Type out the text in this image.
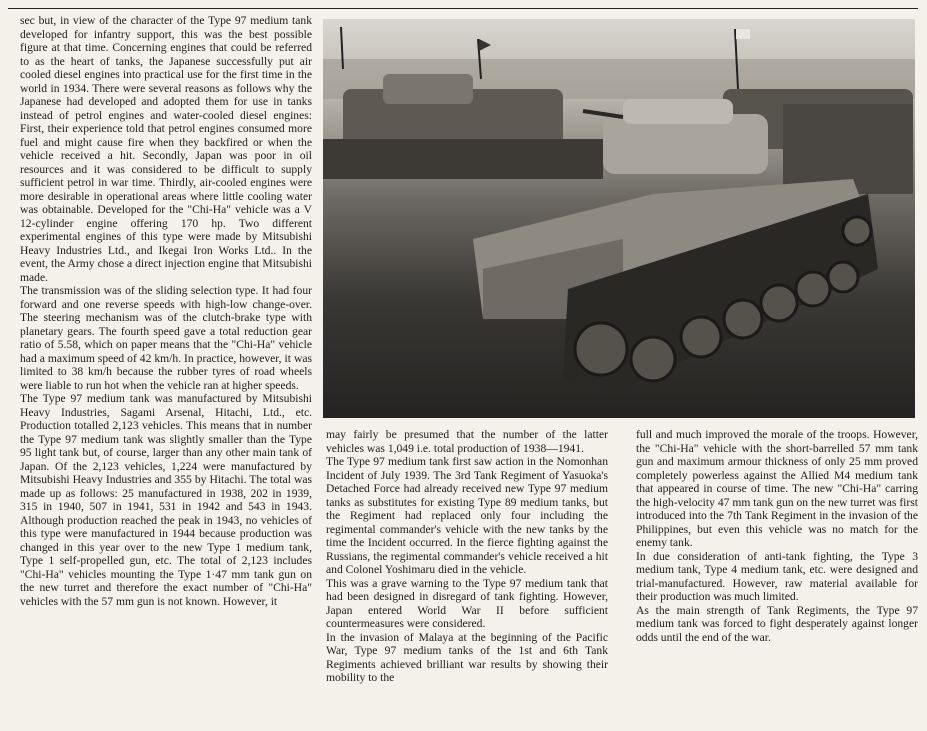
sec but, in view of the character of the Type 97 medium tank developed for infantry support, this was the best possible figure at that time. Concerning engines that could be referred to as the heart of tanks, the Japanese successfully put air cooled diesel engines into practical use for the first time in the world in 1934. There were several reasons as follows why the Japanese had developed and adopted them for use in tanks instead of petrol engines and water-cooled diesel engines: First, their experience told that petrol engines consumed more fuel and might cause fire when they backfired or when the vehicle received a hit. Secondly, Japan was poor in oil resources and it was considered to be difficult to supply sufficient petrol in war time. Thirdly, air-cooled engines were more desirable in operational areas where little cooling water was obtainable. Developed for the "Chi-Ha" vehicle was a V 12-cylinder engine offering 170 hp. Two different experimental engines of this type were made by Mitsubishi Heavy Industries Ltd., and Ikegai Iron Works Ltd.. In the event, the Army chose a direct injection engine that Mitsubishi made.

The transmission was of the sliding selection type. It had four forward and one reverse speeds with high-low change-over. The steering mechanism was of the clutch-brake type with planetary gears. The fourth speed gave a total reduction gear ratio of 5.58, which on paper means that the "Chi-Ha" vehicle had a maximum speed of 42 km/h. In practice, however, it was limited to 38 km/h because the rubber tyres of road wheels were liable to run hot when the vehicle ran at higher speeds.

The Type 97 medium tank was manufactured by Mitsubishi Heavy Industries, Sagami Arsenal, Hitachi, Ltd., etc. Production totalled 2,123 vehicles. This means that in number the Type 97 medium tank was slightly smaller than the Type 95 light tank but, of course, larger than any other main tank of Japan. Of the 2,123 vehicles, 1,224 were manufactured by Mitsubishi Heavy Industries and 355 by Hitachi. The total was made up as follows: 25 manufactured in 1938, 202 in 1939, 315 in 1940, 507 in 1941, 531 in 1942 and 543 in 1943. Although production reached the peak in 1943, no vehicles of this type were manufactured in 1944 because production was changed in this year over to the new Type 1 medium tank, Type 1 self-propelled gun, etc. The total of 2,123 includes "Chi-Ha" vehicles mounting the Type 1·47 mm tank gun on the new turret and therefore the exact number of "Chi-Ha" vehicles with the 57 mm gun is not known. However, it

may fairly be presumed that the number of the latter vehicles was 1,049 i.e. total production of 1938—1941.

The Type 97 medium tank first saw action in the Nomonhan Incident of July 1939. The 3rd Tank Regiment of Yasuoka's Detached Force had already received new Type 97 medium tanks as substitutes for existing Type 89 medium tanks, but the Regiment had replaced only four including the regimental commander's vehicle with the new tanks by the time the Incident occurred. In the fierce fighting against the Russians, the regimental commander's vehicle received a hit and Colonel Yoshimaru died in the vehicle.

This was a grave warning to the Type 97 medium tank that had been designed in disregard of tank fighting. However, Japan entered World War II before sufficient countermeasures were considered.

In the invasion of Malaya at the beginning of the Pacific War, Type 97 medium tanks of the 1st and 6th Tank Regiments achieved brilliant war results by showing their mobility to the

full and much improved the morale of the troops. However, the "Chi-Ha" vehicle with the short-barrelled 57 mm tank gun and maximum armour thickness of only 25 mm proved completely powerless against the Allied M4 medium tank that appeared in course of time. The new "Chi-Ha" carring the high-velocity 47 mm tank gun on the new turret was first introduced into the 7th Tank Regiment in the invasion of the Philippines, but even this vehicle was no match for the enemy tank.

In due consideration of anti-tank fighting, the Type 3 medium tank, Type 4 medium tank, etc. were designed and trial-manufactured. However, raw material available for their production was much limited.

As the main strength of Tank Regiments, the Type 97 medium tank was forced to fight desperately against longer odds until the end of the war.
